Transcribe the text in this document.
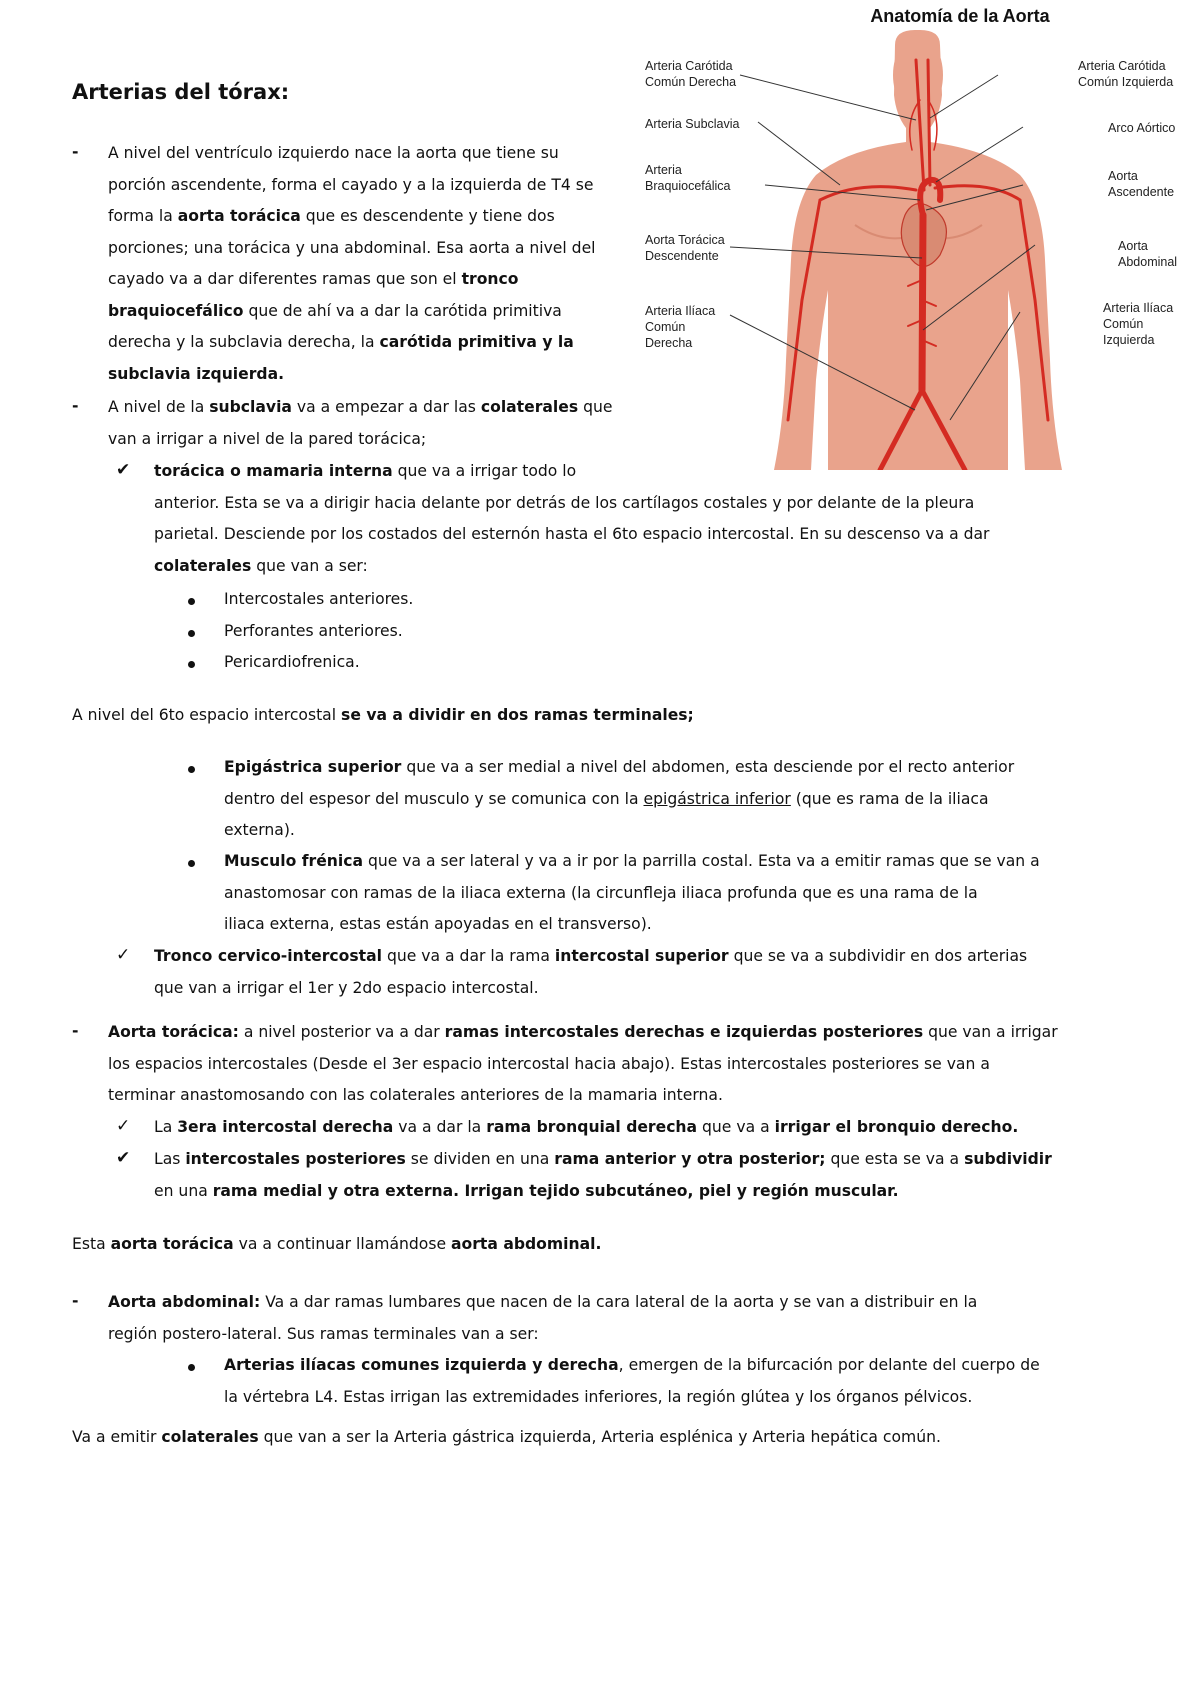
Arterias del tórax:
Anatomía de la Aorta
Arteria Carótida
Común Derecha
Arteria Subclavia
Arteria
Braquiocefálica
Aorta Torácica
Descendente
Arteria Ilíaca
Común
Derecha
Arteria Carótida
Común Izquierda
Arco Aórtico
Aorta
Ascendente
Aorta
Abdominal
Arteria Ilíaca
Común
Izquierda
- A nivel del ventrículo izquierdo nace la aorta que tiene su
porción ascendente, forma el cayado y a la izquierda de T4 se
forma la aorta torácica que es descendente y tiene dos
porciones; una torácica y una abdominal. Esa aorta a nivel del
cayado va a dar diferentes ramas que son el tronco
braquiocefálico que de ahí va a dar la carótida primitiva
derecha y la subclavia derecha, la carótida primitiva y la
subclavia izquierda.
- A nivel de la subclavia va a empezar a dar las colaterales que
van a irrigar a nivel de la pared torácica;
✔ torácica o mamaria interna que va a irrigar todo lo
anterior. Esta se va a dirigir hacia delante por detrás de los cartílagos costales y por delante de la pleura
parietal. Desciende por los costados del esternón hasta el 6to espacio intercostal. En su descenso va a dar
colaterales que van a ser:
Intercostales anteriores.
Perforantes anteriores.
Pericardiofrenica.
A nivel del 6to espacio intercostal se va a dividir en dos ramas terminales;
Epigástrica superior que va a ser medial a nivel del abdomen, esta desciende por el recto anterior
dentro del espesor del musculo y se comunica con la epigástrica inferior (que es rama de la iliaca
externa).
Musculo frénica que va a ser lateral y va a ir por la parrilla costal. Esta va a emitir ramas que se van a
anastomosar con ramas de la iliaca externa (la circunfleja iliaca profunda que es una rama de la
iliaca externa, estas están apoyadas en el transverso).
✓ Tronco cervico-intercostal que va a dar la rama intercostal superior que se va a subdividir en dos arterias
que van a irrigar el 1er y 2do espacio intercostal.
- Aorta torácica: a nivel posterior va a dar ramas intercostales derechas e izquierdas posteriores que van a irrigar
los espacios intercostales (Desde el 3er espacio intercostal hacia abajo). Estas intercostales posteriores se van a
terminar anastomosando con las colaterales anteriores de la mamaria interna.
✓ La 3era intercostal derecha va a dar la rama bronquial derecha que va a irrigar el bronquio derecho.
✔ Las intercostales posteriores se dividen en una rama anterior y otra posterior; que esta se va a subdividir
en una rama medial y otra externa. Irrigan tejido subcutáneo, piel y región muscular.
Esta aorta torácica va a continuar llamándose aorta abdominal.
- Aorta abdominal: Va a dar ramas lumbares que nacen de la cara lateral de la aorta y se van a distribuir en la
región postero-lateral. Sus ramas terminales van a ser:
Arterias ilíacas comunes izquierda y derecha, emergen de la bifurcación por delante del cuerpo de
la vértebra L4. Estas irrigan las extremidades inferiores, la región glútea y los órganos pélvicos.
Va a emitir colaterales que van a ser la Arteria gástrica izquierda, Arteria esplénica y Arteria hepática común.
